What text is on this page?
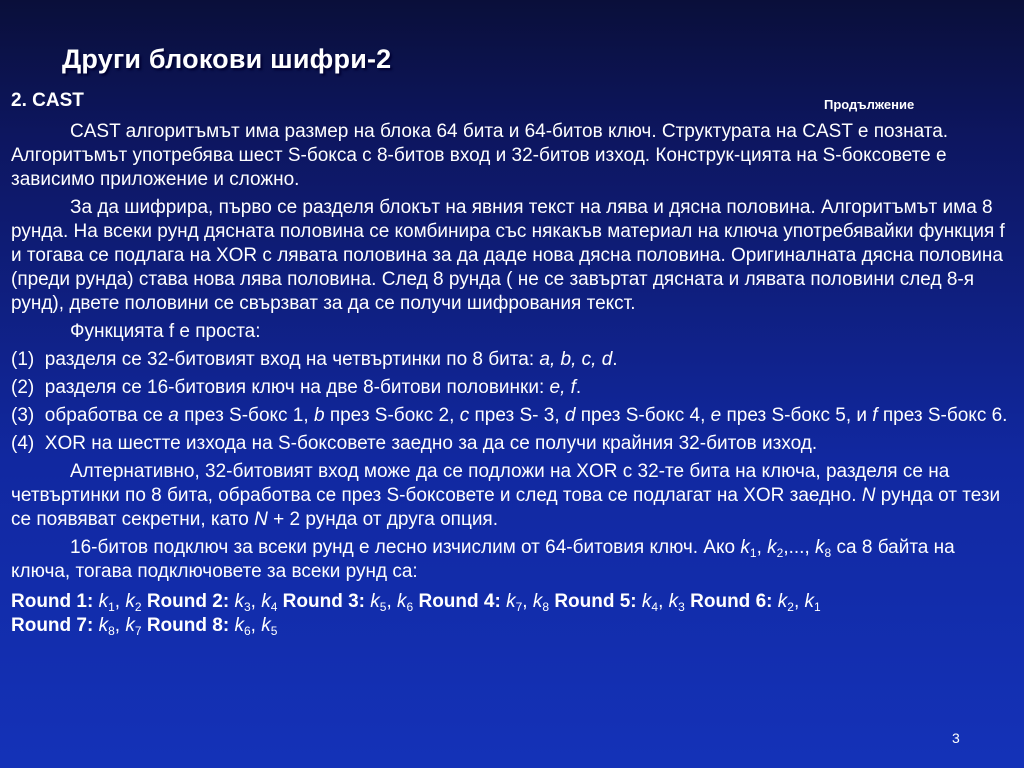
Други блокови шифри-2
2. CAST	Продължение

CAST алгоритъмът има размер на блока 64 бита и 64-битов ключ. Структурата на CAST е позната. Алгоритъмът употребява шест S-бокса с 8-битов вход и 32-битов изход. Конструк-цията на S-боксовете е зависимо приложение и сложно.

За да шифрира, първо се разделя блокът на явния текст на лява и дясна половина. Алгоритъмът има 8 рунда. На всеки рунд дясната половина се комбинира със някакъв материал на ключа употребявайки функция f и тогава се подлага на XOR с лявата половина за да даде нова дясна половина. Оригиналната дясна половина (преди рунда) става нова лява половина. След 8 рунда ( не се завъртат дясната и лявата половини след 8-я рунд), двете половини се свързват за да се получи шифрования текст.

Функцията f е проста:

(1) разделя се 32-битовият вход на четвъртинки по 8 бита: a, b, c, d.

(2) разделя се 16-битовия ключ на две 8-битови половинки: e, f.

(3) обработва се a през S-бокс 1, b през S-бокс 2, c през S- 3, d през S-бокс 4, e през S-бокс 5, и f през S-бокс 6.

(4) XOR на шестте изхода на S-боксовете заедно за да се получи крайния 32-битов изход.

Алтернативно, 32-битовият вход може да се подложи на XOR с 32-те бита на ключа, разделя се на четвъртинки по 8 бита, обработва се през S-боксовете и след това се подлагат на XOR заедно. N рунда от тези се появяват секретни, като N + 2 рунда от друга опция.

16-битов подключ за всеки рунд е лесно изчислим от 64-битовия ключ. Ако $k_1$, $k_2$,..., $k_8$ са 8 байта на ключа, тогава подключовете за всеки рунд са:

Round 1: $k_1$, $k_2$ Round 2: $k_3$, $k_4$ Round 3: $k_5$, $k_6$ Round 4: $k_7$, $k_8$ Round 5: $k_4$, $k_3$ Round 6: $k_2$, $k_1$
Round 7: $k_8$, $k_7$ Round 8: $k_6$, $k_5$
3
